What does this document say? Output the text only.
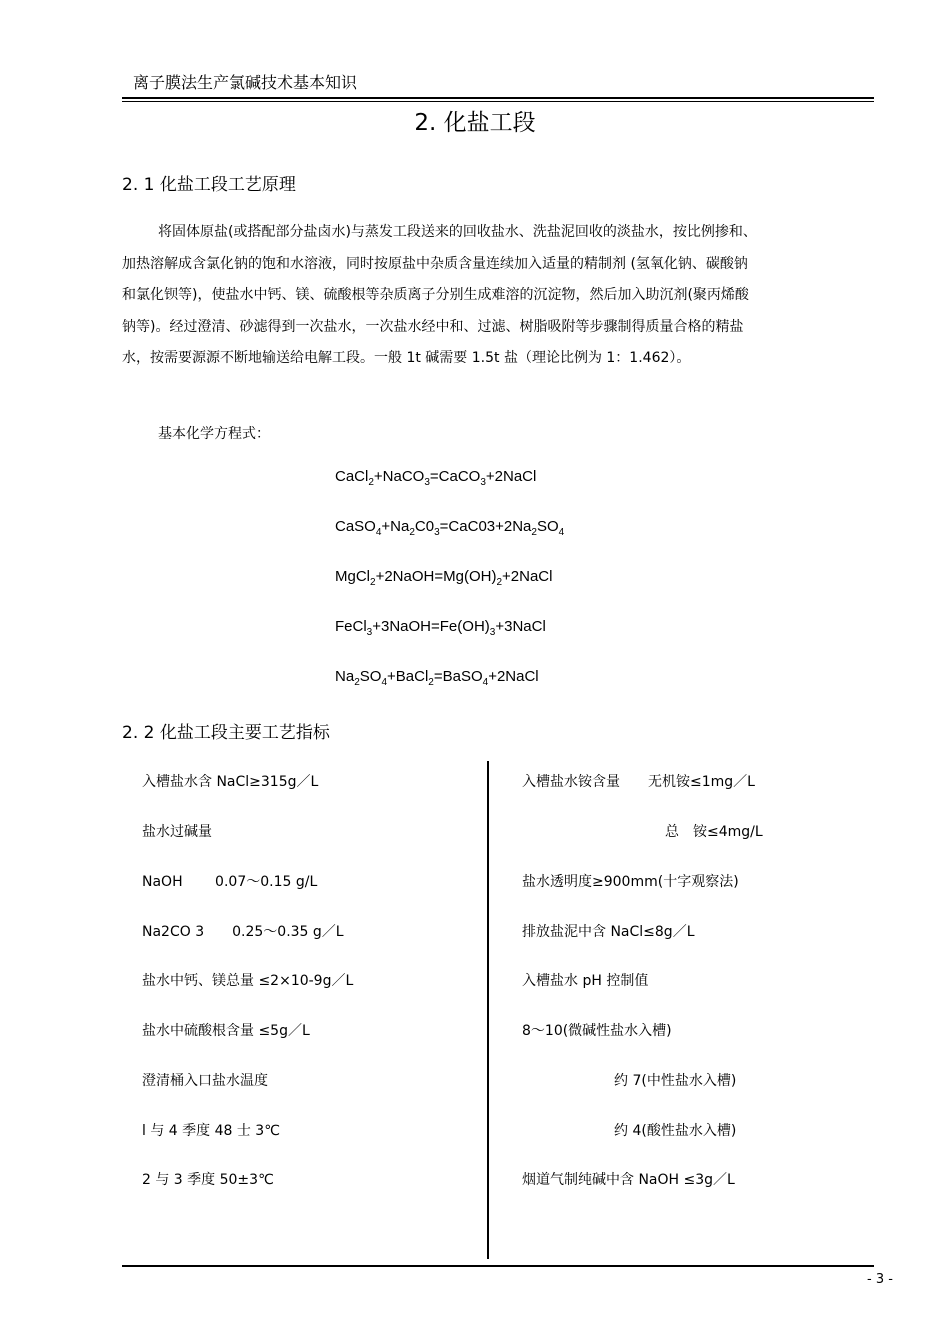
离子膜法生产氯碱技术基本知识
2. 化盐工段
2. 1 化盐工段工艺原理
将固体原盐(或搭配部分盐卤水)与蒸发工段送来的回收盐水、洗盐泥回收的淡盐水，按比例掺和、
加热溶解成含氯化钠的饱和水溶液，同时按原盐中杂质含量连续加入适量的精制剂 (氢氧化钠、碳酸钠
和氯化钡等)，使盐水中钙、镁、硫酸根等杂质离子分别生成难溶的沉淀物，然后加入助沉剂(聚丙烯酸
钠等)。经过澄清、砂滤得到一次盐水，一次盐水经中和、过滤、树脂吸附等步骤制得质量合格的精盐
水，按需要源源不断地输送给电解工段。一般 1t 碱需要 1.5t 盐（理论比例为 1：1.462）。
基本化学方程式：
CaCl$_2$+NaCO$_3$=CaCO$_3$+2NaCl
$CaSO_4+Na_2C0_3=CaC03+2Na_2SO_4$
$MgCl_2+2NaOH=Mg(OH)_2+2NaCl$
$FeCl_3+3NaOH=Fe(OH)_3+3NaCl$
$Na_2SO_4+BaCl_2=BaSO_4+2NaCl$
2. 2 化盐工段主要工艺指标
入槽盐水含 NaCl≥315g／L
盐水过碱量
NaOH　　 0.07～0.15 g/L
Na2CO 3　　0.25～0.35 g／L
盐水中钙、镁总量 ≤2×10-9g／L
盐水中硫酸根含量 ≤5g／L
澄清桶入口盐水温度
l 与 4 季度 48 士 3℃
2 与 3 季度 50±3℃
入槽盐水铵含量　　无机铵≤1mg／L
总　铵≤4mg/L
盐水透明度≥900mm(十字观察法)
排放盐泥中含 NaCl≤8g／L
入槽盐水 pH 控制值
8～10(微碱性盐水入槽)
约 7(中性盐水入槽)
约 4(酸性盐水入槽)
烟道气制纯碱中含 NaOH ≤3g／L
- 3 -
